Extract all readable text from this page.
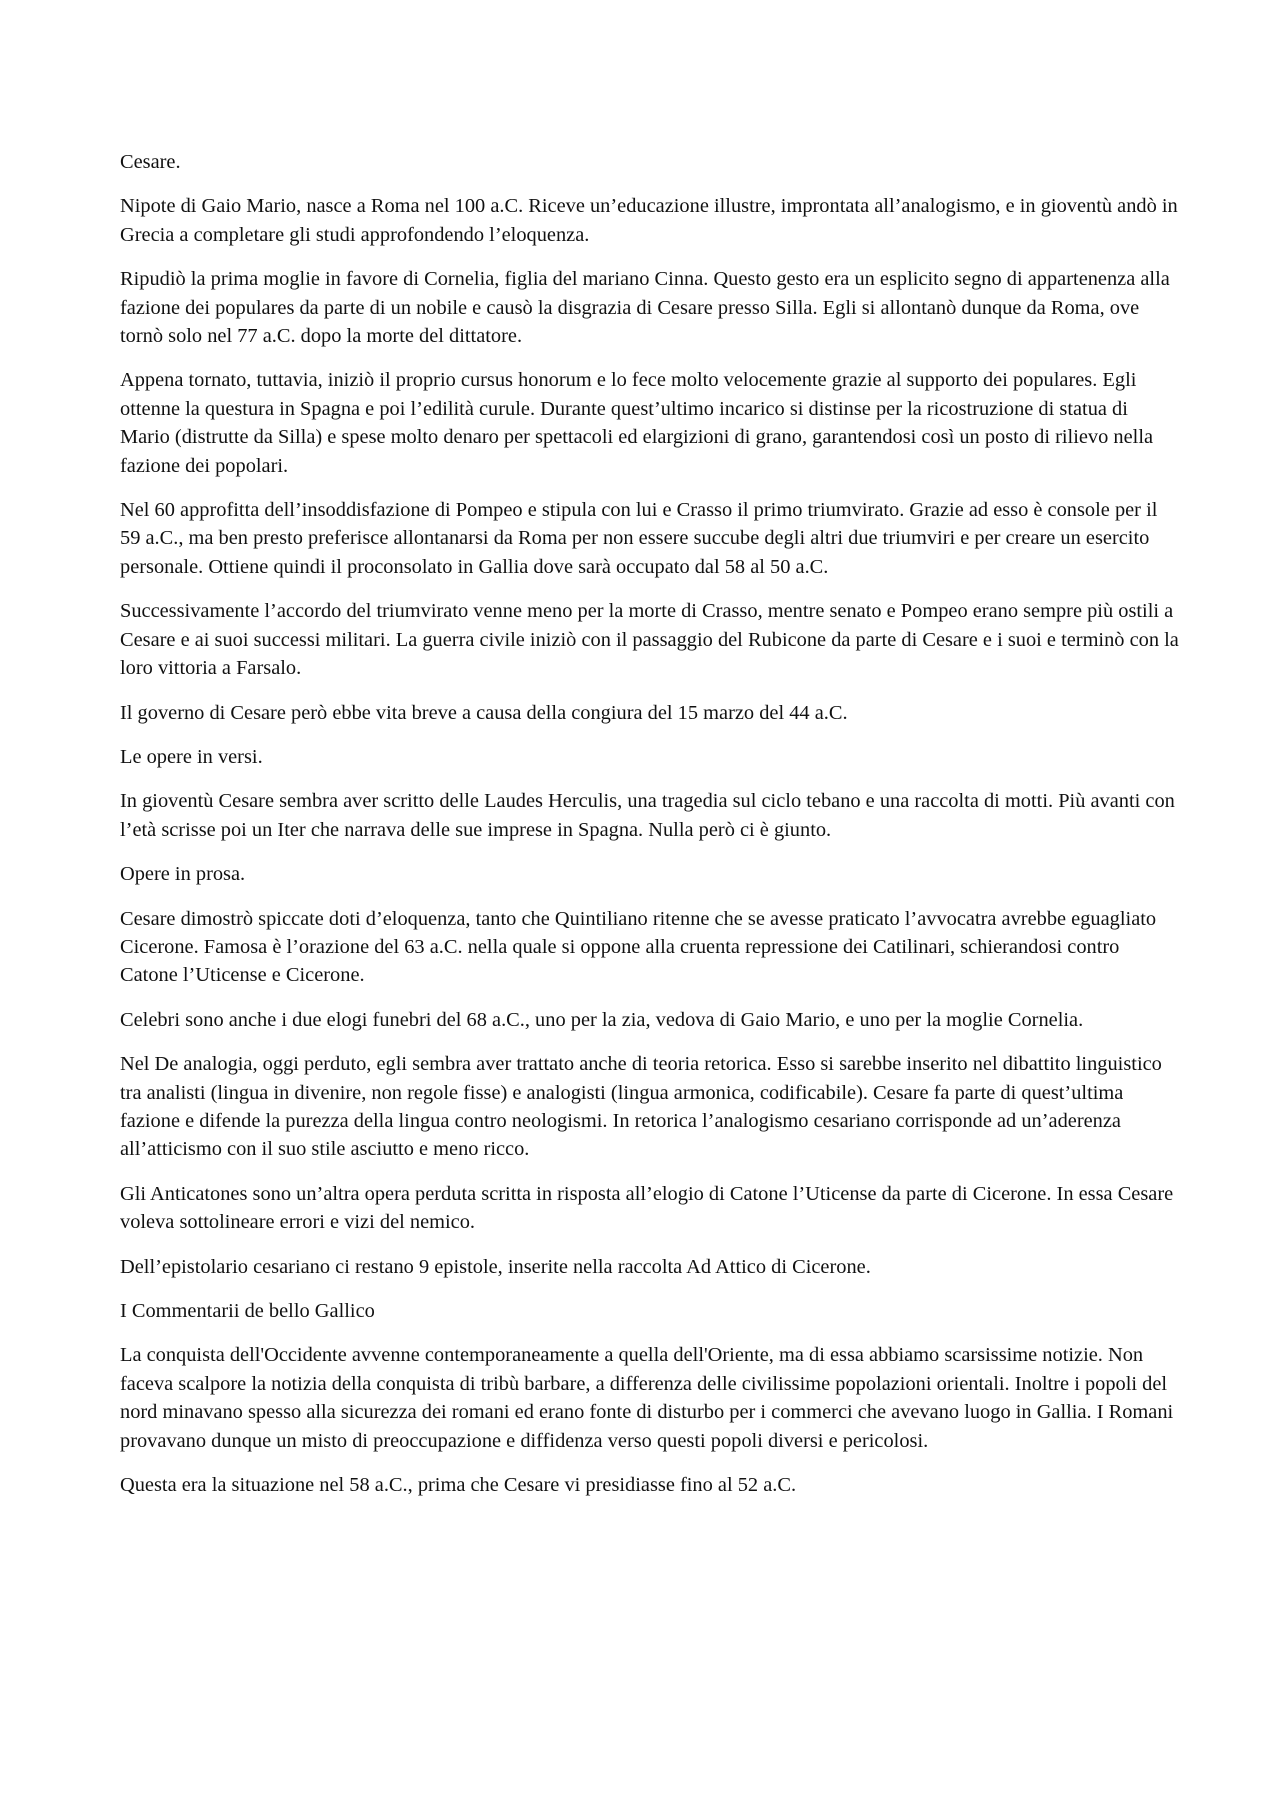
Cesare.

Nipote di Gaio Mario, nasce a Roma nel 100 a.C. Riceve un’educazione illustre, improntata all’analogismo, e in gioventù andò in Grecia a completare gli studi approfondendo l’eloquenza.

Ripudiò la prima moglie in favore di Cornelia, figlia del mariano Cinna. Questo gesto era un esplicito segno di appartenenza alla fazione dei populares da parte di un nobile e causò la disgrazia di Cesare presso Silla. Egli si allontanò dunque da Roma, ove tornò solo nel 77 a.C. dopo la morte del dittatore.

Appena tornato, tuttavia, iniziò il proprio cursus honorum e lo fece molto velocemente grazie al supporto dei populares. Egli ottenne la questura in Spagna e poi l’edilità curule. Durante quest’ultimo incarico si distinse per la ricostruzione di statua di Mario (distrutte da Silla) e spese molto denaro per spettacoli ed elargizioni di grano, garantendosi così un posto di rilievo nella fazione dei popolari.

Nel 60 approfitta dell’insoddisfazione di Pompeo e stipula con lui e Crasso il primo triumvirato. Grazie ad esso è console per il 59 a.C., ma ben presto preferisce allontanarsi da Roma per non essere succube degli altri due triumviri e per creare un esercito personale. Ottiene quindi il proconsolato in Gallia dove sarà occupato dal 58 al 50 a.C.

Successivamente l’accordo del triumvirato venne meno per la morte di Crasso, mentre senato e Pompeo erano sempre più ostili a Cesare e ai suoi successi militari. La guerra civile iniziò con il passaggio del Rubicone da parte di Cesare e i suoi e terminò con la loro vittoria a Farsalo.

Il governo di Cesare però ebbe vita breve a causa della congiura del 15 marzo del 44 a.C.

Le opere in versi.

In gioventù Cesare sembra aver scritto delle Laudes Herculis, una tragedia sul ciclo tebano e una raccolta di motti. Più avanti con l’età scrisse poi un Iter che narrava delle sue imprese in Spagna. Nulla però ci è giunto.

Opere in prosa.

Cesare dimostrò spiccate doti d’eloquenza, tanto che Quintiliano ritenne che se avesse praticato l’avvocatra avrebbe eguagliato Cicerone. Famosa è l’orazione del 63 a.C. nella quale si oppone alla cruenta repressione dei Catilinari, schierandosi contro Catone l’Uticense e Cicerone.

Celebri sono anche i due elogi funebri del 68 a.C., uno per la zia, vedova di Gaio Mario, e uno per la moglie Cornelia.

Nel De analogia, oggi perduto, egli sembra aver trattato anche di teoria retorica. Esso si sarebbe inserito nel dibattito linguistico tra analisti (lingua in divenire, non regole fisse) e analogisti (lingua armonica, codificabile). Cesare fa parte di quest’ultima fazione e difende la purezza della lingua contro neologismi. In retorica l’analogismo cesariano corrisponde ad un’aderenza all’atticismo con il suo stile asciutto e meno ricco.

Gli Anticatones sono un’altra opera perduta scritta in risposta all’elogio di Catone l’Uticense da parte di Cicerone. In essa Cesare voleva sottolineare errori e vizi del nemico.

Dell’epistolario cesariano ci restano 9 epistole, inserite nella raccolta Ad Attico di Cicerone.

I Commentarii de bello Gallico

La conquista dell'Occidente avvenne contemporaneamente a quella dell'Oriente, ma di essa abbiamo scarsissime notizie. Non faceva scalpore la notizia della conquista di tribù barbare, a differenza delle civilissime popolazioni orientali. Inoltre i popoli del nord minavano spesso alla sicurezza dei romani ed erano fonte di disturbo per i commerci che avevano luogo in Gallia. I Romani provavano dunque un misto di preoccupazione e diffidenza verso questi popoli diversi e pericolosi.

Questa era la situazione nel 58 a.C., prima che Cesare vi presidiasse fino al 52 a.C.
